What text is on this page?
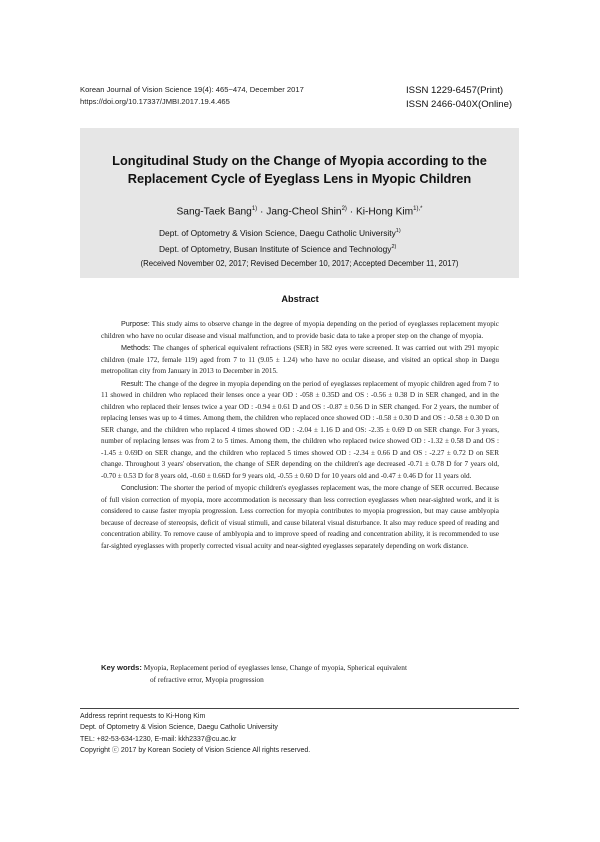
Korean Journal of Vision Science 19(4): 465~474, December 2017
https://doi.org/10.17337/JMBI.2017.19.4.465
ISSN 1229-6457(Print)
ISSN 2466-040X(Online)
Longitudinal Study on the Change of Myopia according to the
Replacement Cycle of Eyeglass Lens in Myopic Children
Sang-Taek Bang$^{1)}$ · Jang-Cheol Shin$^{2)}$ · Ki-Hong Kim$^{1),*}$
Dept. of Optometry & Vision Science, Daegu Catholic University$^{1)}$
Dept. of Optometry, Busan Institute of Science and Technology$^{2)}$
(Received November 02, 2017; Revised December 10, 2017; Accepted December 11, 2017)
Abstract

Purpose: This study aims to observe change in the degree of myopia depending on the period of eyeglasses replacement myopic children who have no ocular disease and visual malfunction, and to provide basic data to take a proper step on the change of myopia.

Methods: The changes of spherical equivalent refractions (SER) in 582 eyes were screened. It was carried out with 291 myopic children (male 172, female 119) aged from 7 to 11 (9.05 ± 1.24) who have no ocular disease, and visited an optical shop in Daegu metropolitan city from January in 2013 to December in 2015.

Result: The change of the degree in myopia depending on the period of eyeglasses replacement of myopic children aged from 7 to 11 showed in children who replaced their lenses once a year OD : -058 ± 0.35D and OS : -0.56 ± 0.38 D in SER changed, and in the children who replaced their lenses twice a year OD : -0.94 ± 0.61 D and OS : -0.87 ± 0.56 D in SER changed. For 2 years, the number of replacing lenses was up to 4 times. Among them, the children who replaced once showed OD : -0.58 ± 0.30 D and OS : -0.58 ± 0.30 D on SER change, and the children who replaced 4 times showed OD : -2.04 ± 1.16 D and OS: -2.35 ± 0.69 D on SER change. For 3 years, number of replacing lenses was from 2 to 5 times. Among them, the children who replaced twice showed OD : -1.32 ± 0.58 D and OS : -1.45 ± 0.69D on SER change, and the children who replaced 5 times showed OD : -2.34 ± 0.66 D and OS : -2.27 ± 0.72 D on SER change. Throughout 3 years' observation, the change of SER depending on the children's age decreased -0.71 ± 0.78 D for 7 years old, -0.70 ± 0.53 D for 8 years old, -0.60 ± 0.66D for 9 years old, -0.55 ± 0.60 D for 10 years old and -0.47 ± 0.46 D for 11 years old.

Conclusion: The shorter the period of myopic children's eyeglasses replacement was, the more change of SER occurred. Because of full vision correction of myopia, more accommodation is necessary than less correction eyeglasses when near-sighted work, and it is considered to cause faster myopia progression. Less correction for myopia contributes to myopia progression, but may cause amblyopia because of decrease of stereopsis, deficit of visual stimuli, and cause bilateral visual disturbance. It also may reduce speed of reading and concentration ability. To remove cause of amblyopia and to improve speed of reading and concentration ability, it is recommended to use far-sighted eyeglasses with properly corrected visual acuity and near-sighted eyeglasses separately depending on work distance.

Key words: Myopia, Replacement period of eyeglasses lense, Change of myopia, Spherical equivalent
of refractive error, Myopia progression
Address reprint requests to Ki-Hong Kim
Dept. of Optometry & Vision Science, Daegu Catholic University
TEL: +82-53-634-1230, E-mail: kkh2337@cu.ac.kr
Copyright ⓒ 2017 by Korean Society of Vision Science All rights reserved.
